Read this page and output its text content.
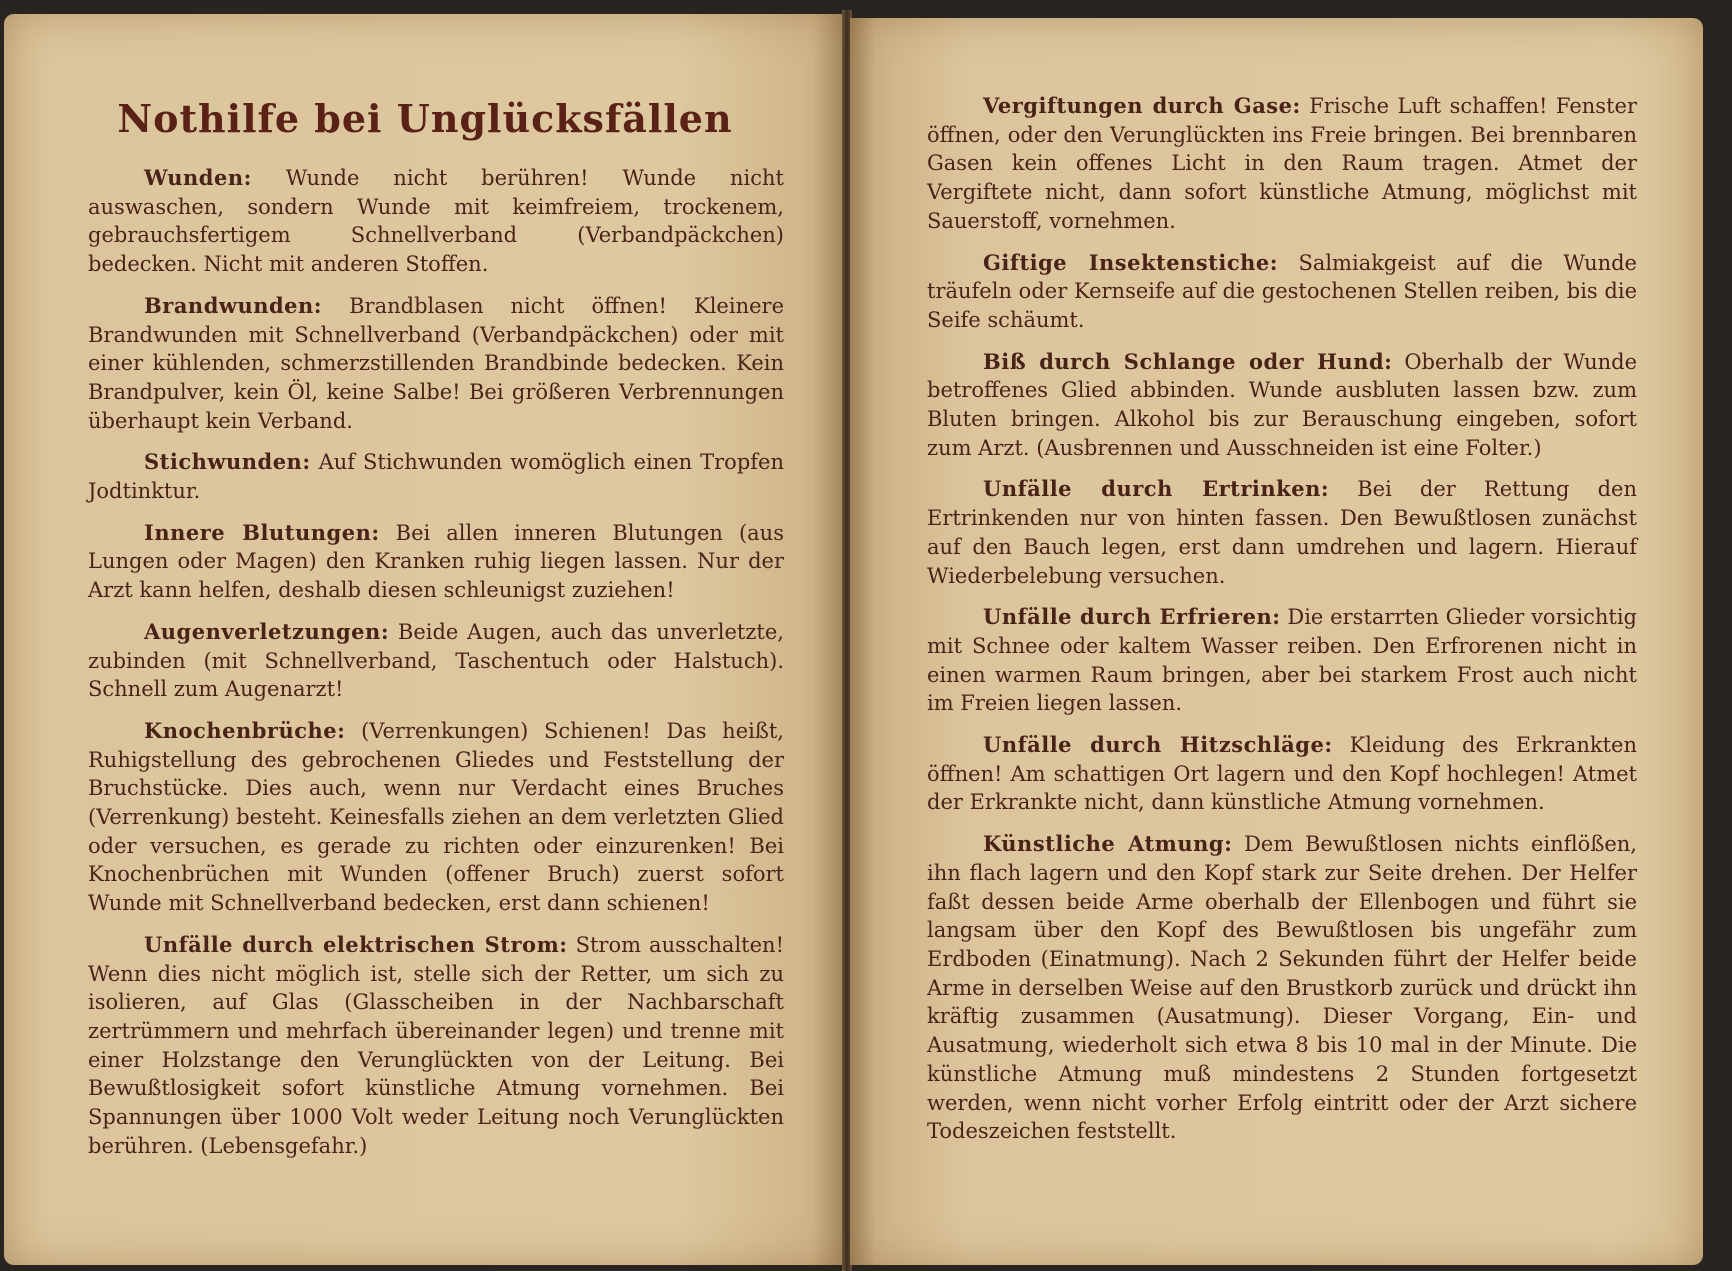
Nothilfe bei Unglücksfällen

Wunden: Wunde nicht berühren! Wunde nicht auswaschen, sondern Wunde mit keimfreiem, trockenem, gebrauchsfertigem Schnellverband (Verbandpäckchen) bedecken. Nicht mit anderen Stoffen.

Brandwunden: Brandblasen nicht öffnen! Kleinere Brandwunden mit Schnellverband (Verbandpäckchen) oder mit einer kühlenden, schmerzstillenden Brandbinde bedecken. Kein Brandpulver, kein Öl, keine Salbe! Bei größeren Verbrennungen überhaupt kein Verband.

Stichwunden: Auf Stichwunden womöglich einen Tropfen Jodtinktur.

Innere Blutungen: Bei allen inneren Blutungen (aus Lungen oder Magen) den Kranken ruhig liegen lassen. Nur der Arzt kann helfen, deshalb diesen schleunigst zuziehen!

Augenverletzungen: Beide Augen, auch das unverletzte, zubinden (mit Schnellverband, Taschentuch oder Halstuch). Schnell zum Augenarzt!

Knochenbrüche: (Verrenkungen) Schienen! Das heißt, Ruhigstellung des gebrochenen Gliedes und Feststellung der Bruchstücke. Dies auch, wenn nur Verdacht eines Bruches (Verrenkung) besteht. Keinesfalls ziehen an dem verletzten Glied oder versuchen, es gerade zu richten oder einzurenken! Bei Knochenbrüchen mit Wunden (offener Bruch) zuerst sofort Wunde mit Schnellverband bedecken, erst dann schienen!

Unfälle durch elektrischen Strom: Strom ausschalten! Wenn dies nicht möglich ist, stelle sich der Retter, um sich zu isolieren, auf Glas (Glasscheiben in der Nachbarschaft zertrümmern und mehrfach übereinander legen) und trenne mit einer Holzstange den Verunglückten von der Leitung. Bei Bewußtlosigkeit sofort künstliche Atmung vornehmen. Bei Spannungen über 1000 Volt weder Leitung noch Verunglückten berühren. (Lebensgefahr.)

Vergiftungen durch Gase: Frische Luft schaffen! Fenster öffnen, oder den Verunglückten ins Freie bringen. Bei brennbaren Gasen kein offenes Licht in den Raum tragen. Atmet der Vergiftete nicht, dann sofort künstliche Atmung, möglichst mit Sauerstoff, vornehmen.

Giftige Insektenstiche: Salmiakgeist auf die Wunde träufeln oder Kernseife auf die gestochenen Stellen reiben, bis die Seife schäumt.

Biß durch Schlange oder Hund: Oberhalb der Wunde betroffenes Glied abbinden. Wunde ausbluten lassen bzw. zum Bluten bringen. Alkohol bis zur Berauschung eingeben, sofort zum Arzt. (Ausbrennen und Ausschneiden ist eine Folter.)

Unfälle durch Ertrinken: Bei der Rettung den Ertrinkenden nur von hinten fassen. Den Bewußtlosen zunächst auf den Bauch legen, erst dann umdrehen und lagern. Hierauf Wiederbelebung versuchen.

Unfälle durch Erfrieren: Die erstarrten Glieder vorsichtig mit Schnee oder kaltem Wasser reiben. Den Erfrorenen nicht in einen warmen Raum bringen, aber bei starkem Frost auch nicht im Freien liegen lassen.

Unfälle durch Hitzschläge: Kleidung des Erkrankten öffnen! Am schattigen Ort lagern und den Kopf hochlegen! Atmet der Erkrankte nicht, dann künstliche Atmung vornehmen.

Künstliche Atmung: Dem Bewußtlosen nichts einflößen, ihn flach lagern und den Kopf stark zur Seite drehen. Der Helfer faßt dessen beide Arme oberhalb der Ellenbogen und führt sie langsam über den Kopf des Bewußtlosen bis ungefähr zum Erdboden (Einatmung). Nach 2 Sekunden führt der Helfer beide Arme in derselben Weise auf den Brustkorb zurück und drückt ihn kräftig zusammen (Ausatmung). Dieser Vorgang, Ein- und Ausatmung, wiederholt sich etwa 8 bis 10 mal in der Minute. Die künstliche Atmung muß mindestens 2 Stunden fortgesetzt werden, wenn nicht vorher Erfolg eintritt oder der Arzt sichere Todeszeichen feststellt.
